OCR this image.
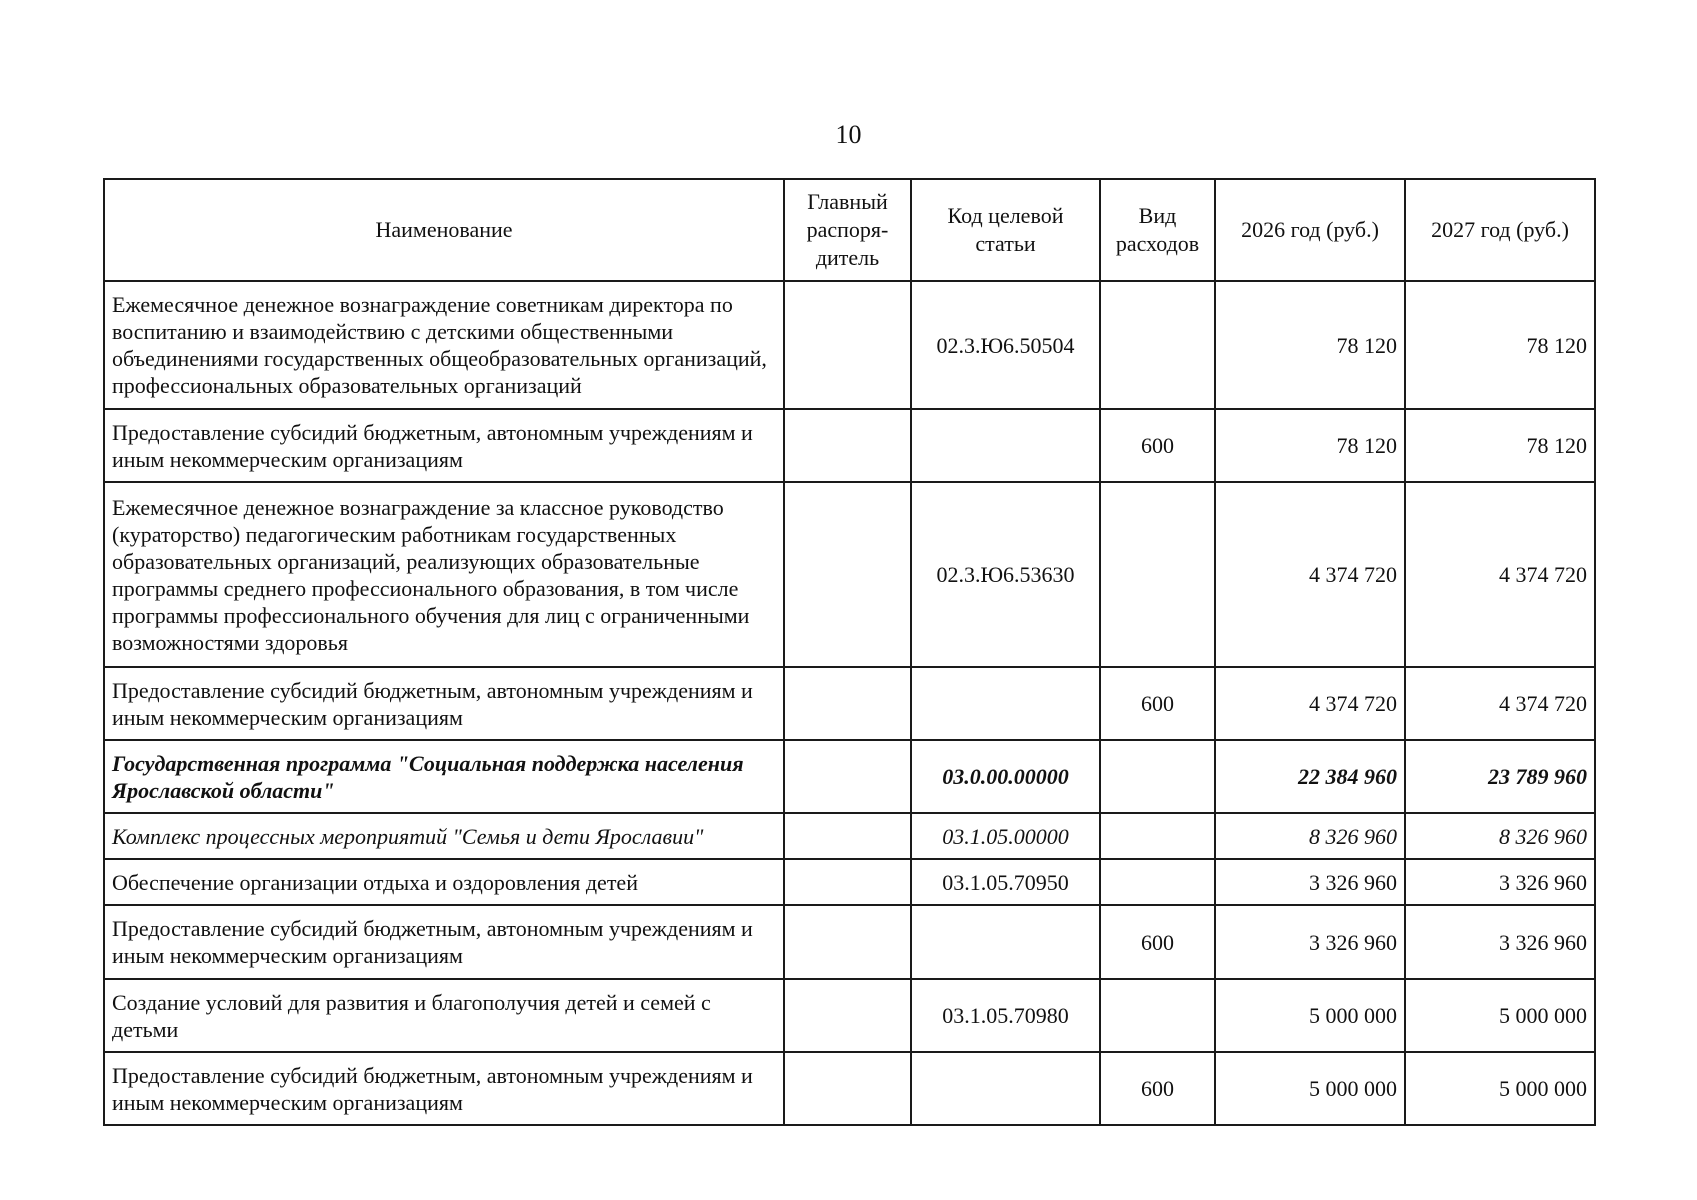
10
Наименование	Главный распоря-дитель	Код целевой статьи	Вид расходов	2026 год (руб.)	2027 год (руб.)
Ежемесячное денежное вознаграждение советникам директора по воспитанию и взаимодействию с детскими общественными объединениями государственных общеобразовательных организаций, профессиональных образовательных организаций		02.3.Ю6.50504		78 120	78 120
Предоставление субсидий бюджетным, автономным учреждениям и иным некоммерческим организациям			600	78 120	78 120
Ежемесячное денежное вознаграждение за классное руководство (кураторство) педагогическим работникам государственных образовательных организаций, реализующих образовательные программы среднего профессионального образования, в том числе программы профессионального обучения для лиц с ограниченными возможностями здоровья		02.3.Ю6.53630		4 374 720	4 374 720
Предоставление субсидий бюджетным, автономным учреждениям и иным некоммерческим организациям			600	4 374 720	4 374 720
Государственная программа "Социальная поддержка населения Ярославской области"		03.0.00.00000		22 384 960	23 789 960
Комплекс процессных мероприятий "Семья и дети Ярославии"		03.1.05.00000		8 326 960	8 326 960
Обеспечение организации отдыха и оздоровления детей		03.1.05.70950		3 326 960	3 326 960
Предоставление субсидий бюджетным, автономным учреждениям и иным некоммерческим организациям			600	3 326 960	3 326 960
Создание условий для развития и благополучия детей и семей с детьми		03.1.05.70980		5 000 000	5 000 000
Предоставление субсидий бюджетным, автономным учреждениям и иным некоммерческим организациям			600	5 000 000	5 000 000
